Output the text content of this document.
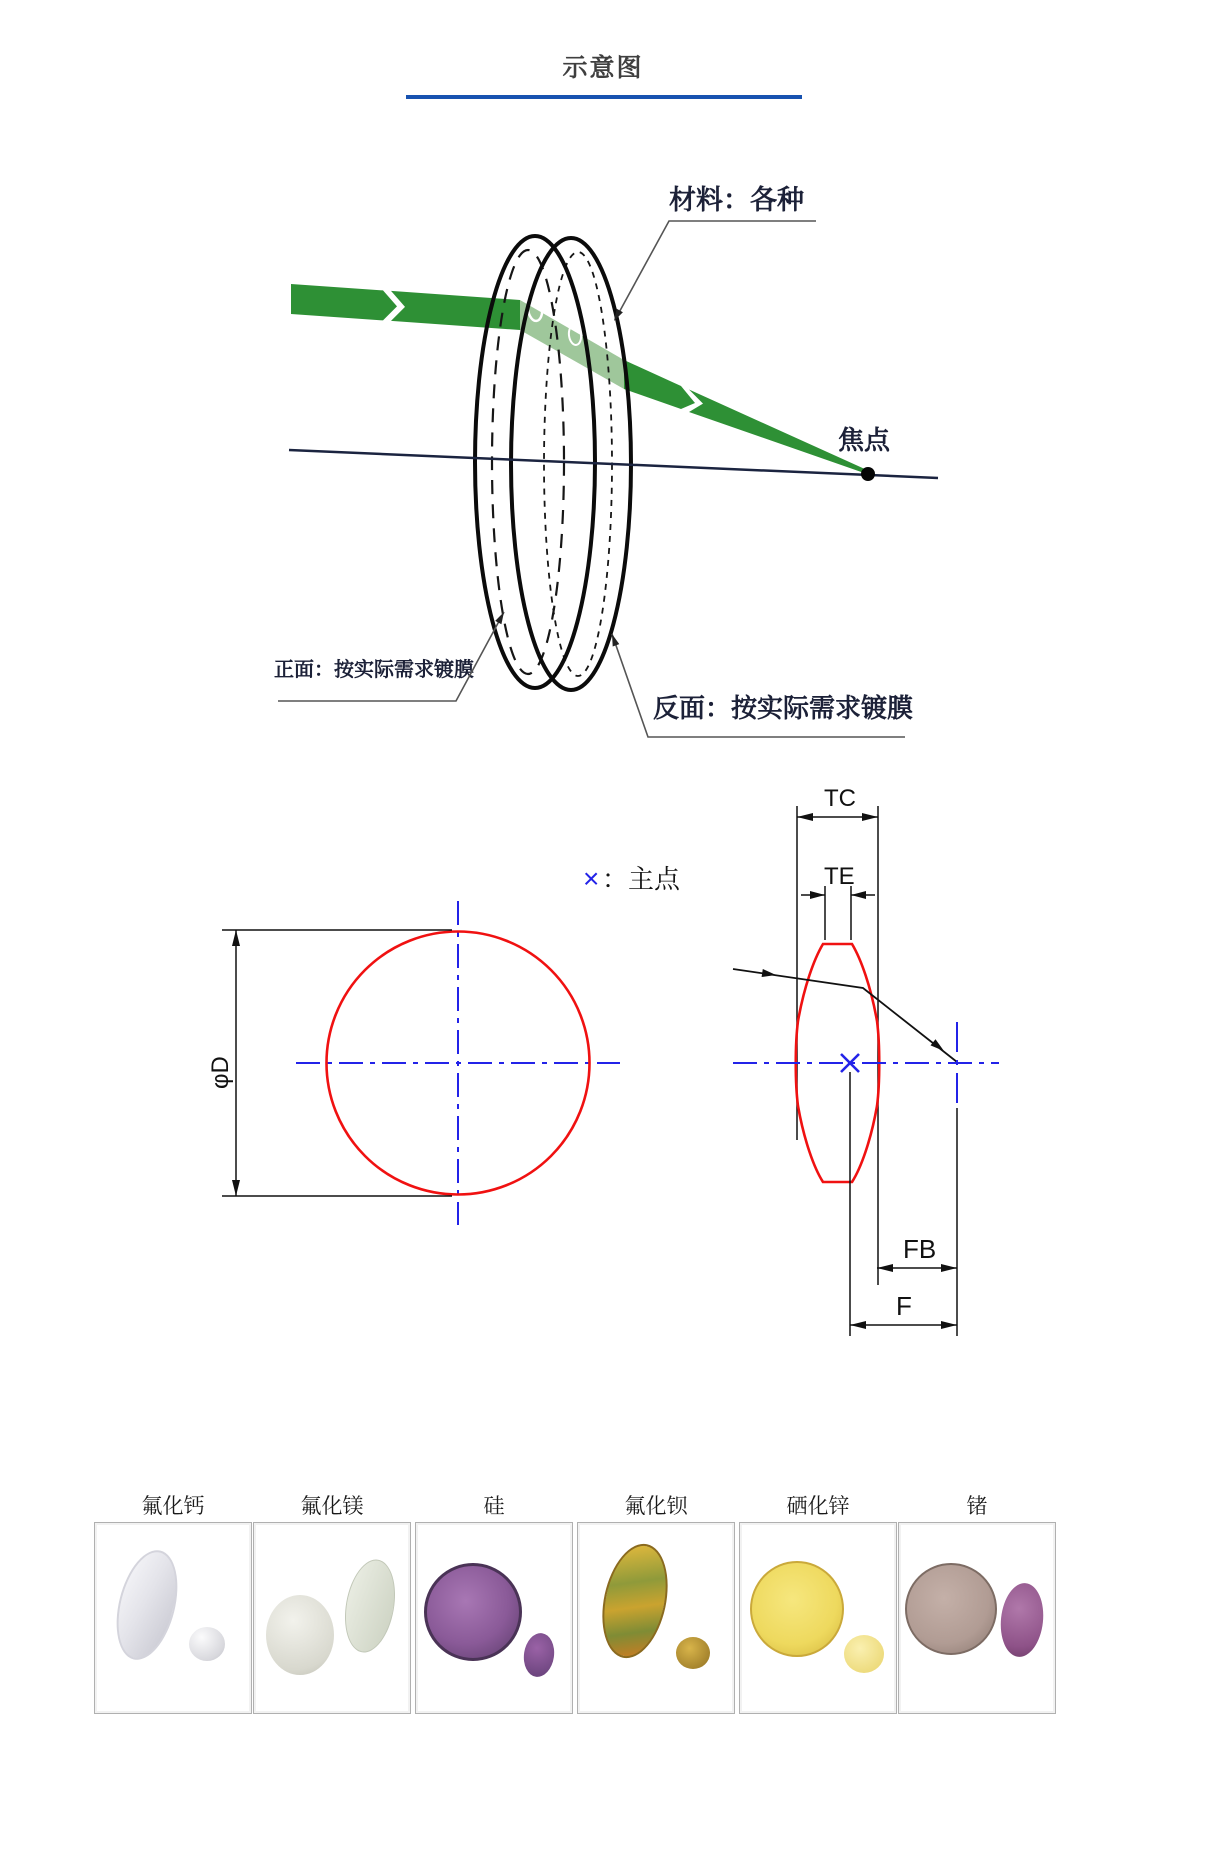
示意图
材料：各种
焦点
正面：按实际需求镀膜
反面：按实际需求镀膜
× ：主点
φD
TC
TE
FB
F
氟化钙	氟化镁	硅	氟化钡	硒化锌	锗
